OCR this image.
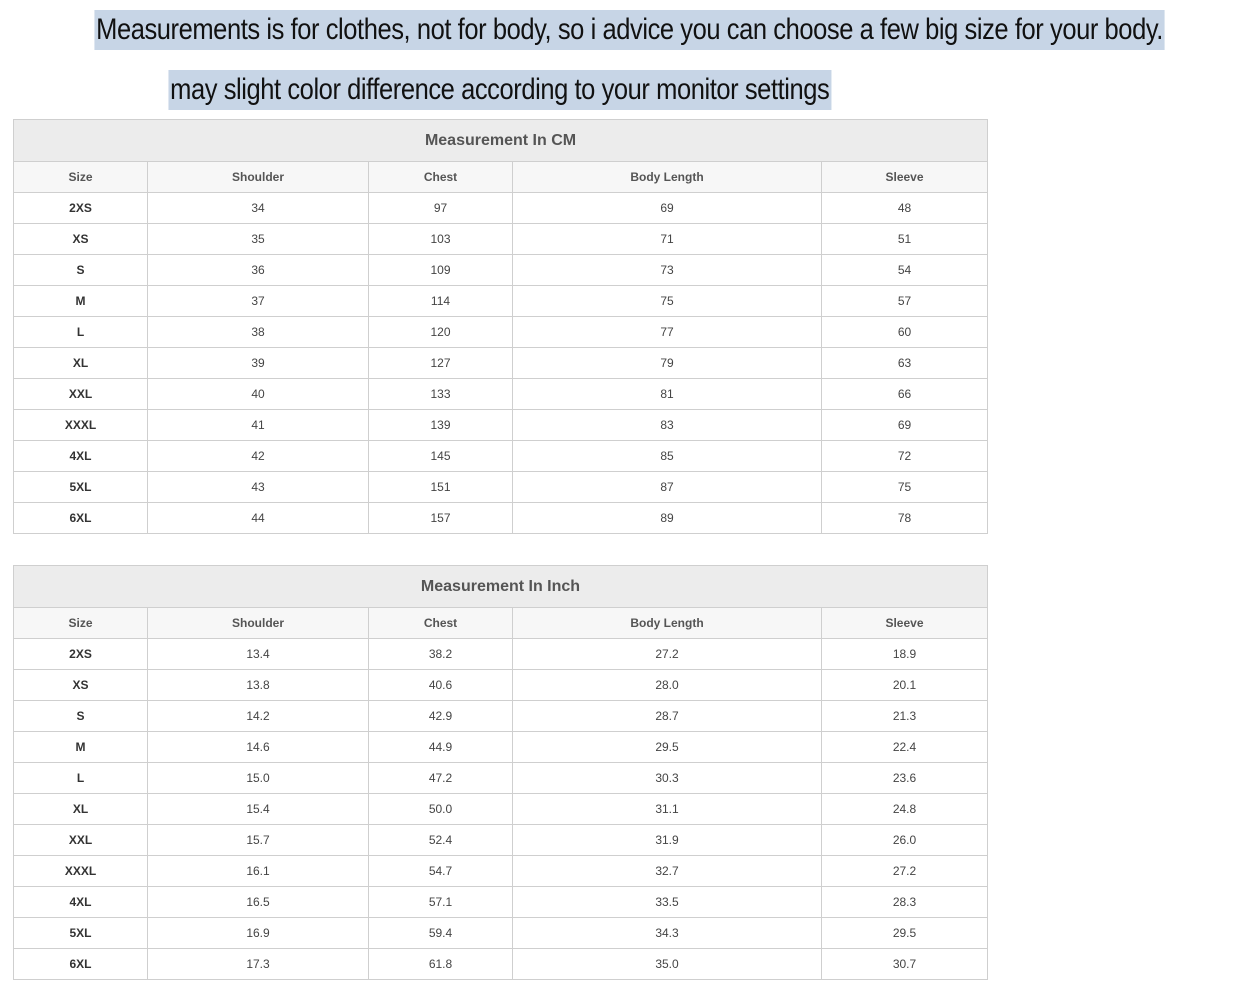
Measurements is for clothes, not for body, so i advice you can choose a few big size for your body.
may slight color difference according to your monitor settings
Measurement In CM				
Size	Shoulder	Chest	Body Length	Sleeve
2XS	34	97	69	48
XS	35	103	71	51
S	36	109	73	54
M	37	114	75	57
L	38	120	77	60
XL	39	127	79	63
XXL	40	133	81	66
XXXL	41	139	83	69
4XL	42	145	85	72
5XL	43	151	87	75
6XL	44	157	89	78
Measurement In Inch				
Size	Shoulder	Chest	Body Length	Sleeve
2XS	13.4	38.2	27.2	18.9
XS	13.8	40.6	28.0	20.1
S	14.2	42.9	28.7	21.3
M	14.6	44.9	29.5	22.4
L	15.0	47.2	30.3	23.6
XL	15.4	50.0	31.1	24.8
XXL	15.7	52.4	31.9	26.0
XXXL	16.1	54.7	32.7	27.2
4XL	16.5	57.1	33.5	28.3
5XL	16.9	59.4	34.3	29.5
6XL	17.3	61.8	35.0	30.7
